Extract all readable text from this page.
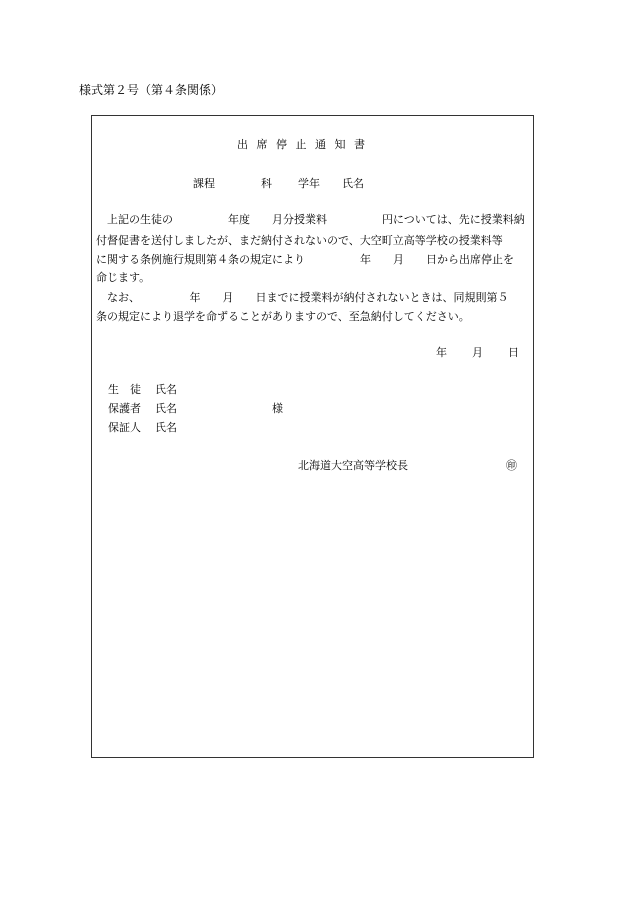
様式第２号（第４条関係）
出席停止通知書
課程	科 学年 氏名
　上記の生徒の　　　　　年度　　月分授業料　　　　　円については、先に授業料納
付督促書を送付しましたが、まだ納付されないので、大空町立高等学校の授業料等
に関する条例施行規則第４条の規定により　　　　　年　　月　　日から出席停止を
命じます。
　なお、　　　　　年　　月　　日までに授業料が納付されないときは、同規則第５
条の規定により退学を命ずることがありますので、至急納付してください。
年 月 日
生　徒 氏名
保護者 氏名	様
保証人 氏名
北海道大空高等学校長	㊞
